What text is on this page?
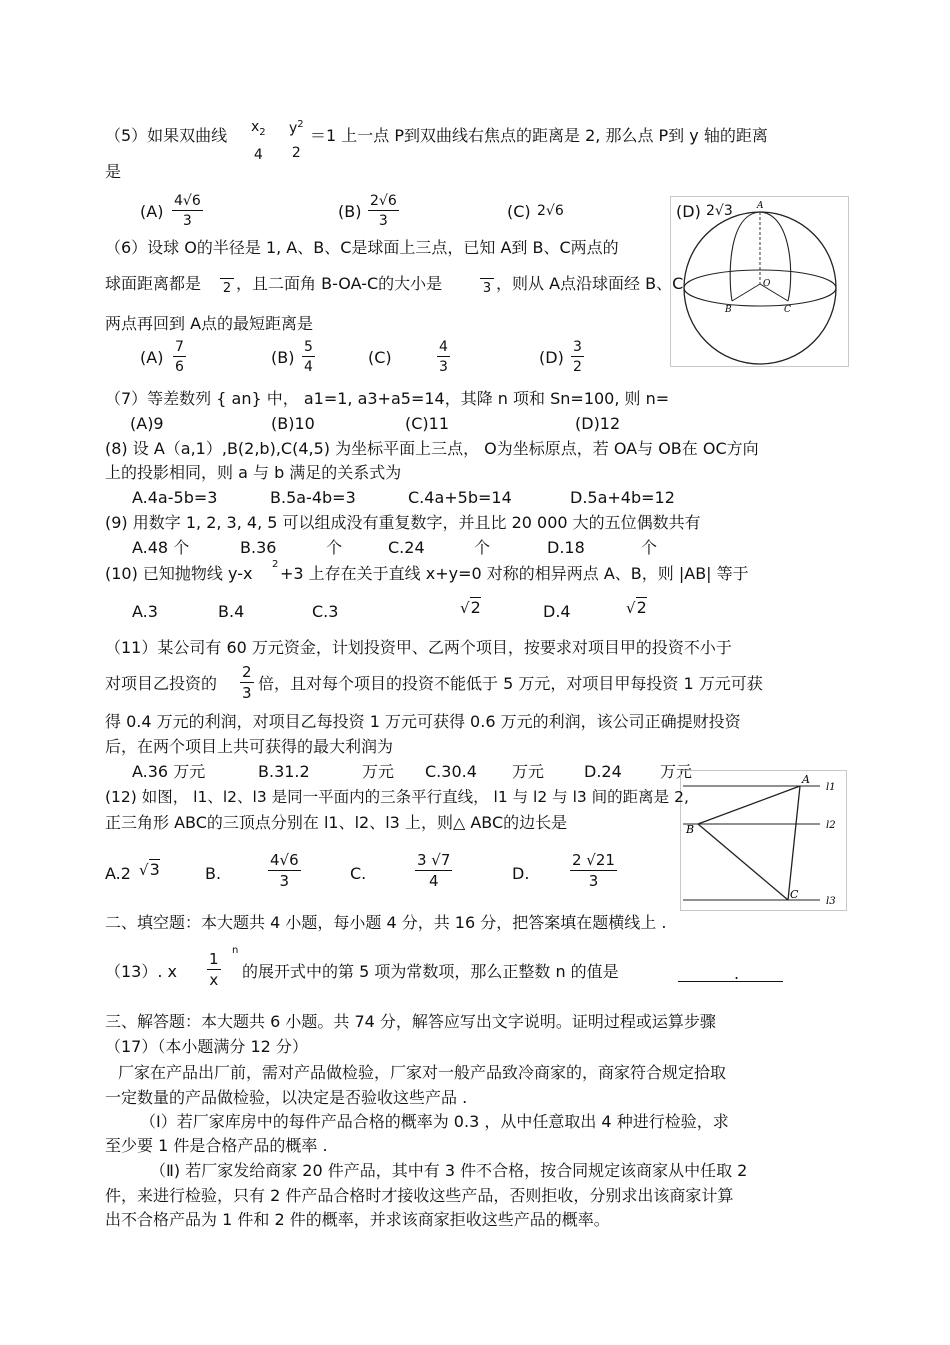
（5）如果双曲线 $x_2$
4
$y^2$
2
＝1 上一点 P到双曲线右焦点的距离是 2, 那么点 P到 y 轴的距离
是
$(A) \frac{4√6}{3}$	$(B) \frac{2√6}{3}$	(C) 2√6	(D) 2√3	A
O
B	C
（6）设球 O的半径是 1, A、B、C是球面上三点，已知 A到 B、C两点的
球面距离都是 2 ，且二面角 B-OA-C的大小是	3 ，则从 A点沿球面经 B、C
两点再回到 A点的最短距离是
$(A) \frac{7}{6}$	$(B) \frac{5}{4}$	(C)	$\frac{4}{3}$	$(D) \frac{3}{2}$
（7）等差数列 { an} 中， a1=1, a3+a5=14，其降 n 项和 Sn=100, 则 n=
(A)9	(B)10	(C)11	(D)12
(8) 设 A（a,1）,B(2,b),C(4,5) 为坐标平面上三点， O为坐标原点，若 OA与 OB在 OC方向
上的投影相同，则 a 与 b 满足的关系式为
A.4a-5b=3	B.5a-4b=3	C.4a+5b=14	D.5a+4b=12
(9) 用数字 1, 2, 3, 4, 5 可以组成没有重复数字，并且比 20 000 大的五位偶数共有
A.48 个	B.36	个	C.24	个	D.18	个
(10) 已知抛物线 y-x 2 +3 上存在关于直线 x+y=0 对称的相异两点 A、B，则 |AB| 等于
A.3	B.4	C.3	√2	D.4	√2
（11）某公司有 60 万元资金，计划投资甲、乙两个项目，按要求对项目甲的投资不小于
对项目乙投资的 $\frac{2}{3}$ 倍，且对每个项目的投资不能低于 5 万元，对项目甲每投资 1 万元可获
得 0.4 万元的利润，对项目乙每投资 1 万元可获得 0.6 万元的利润，该公司正确提财投资
后，在两个项目上共可获得的最大利润为
A.36 万元	B.31.2	万元 C.30.4 万元 D.24 万元	A
B
C
l1
l2
l3
(12) 如图， l1、l2、l3 是同一平面内的三条平行直线， l1 与 l2 与 l3 间的距离是 2,
正三角形 ABC的三顶点分别在 l1、l2、l3 上，则△ ABC的边长是
A.2 √3	B.	$\frac{4√6}{3}$	C.	$\frac{3 √7}{4}$	D.	$\frac{2 √21}{3}$
二、填空题：本大题共 4 小题，每小题 4 分，共 16 分，把答案填在题横线上 .
（13）. x $\frac{1}{x}$
n
的展开式中的第 5 项为常数项，那么正整数 n 的值是	.
三、解答题：本大题共 6 小题。共 74 分，解答应写出文字说明。证明过程或运算步骤
（17）（本小题满分 12 分）
厂家在产品出厂前，需对产品做检验，厂家对一般产品致冷商家的，商家符合规定拾取
一定数量的产品做检验，以决定是否验收这些产品 .
（Ⅰ）若厂家库房中的每件产品合格的概率为 0.3 ，从中任意取出 4 种进行检验，求
至少要 1 件是合格产品的概率 .
（Ⅱ) 若厂家发给商家 20 件产品，其中有 3 件不合格，按合同规定该商家从中任取 2
件，来进行检验，只有 2 件产品合格时才接收这些产品，否则拒收，分别求出该商家计算
出不合格产品为 1 件和 2 件的概率，并求该商家拒收这些产品的概率。
